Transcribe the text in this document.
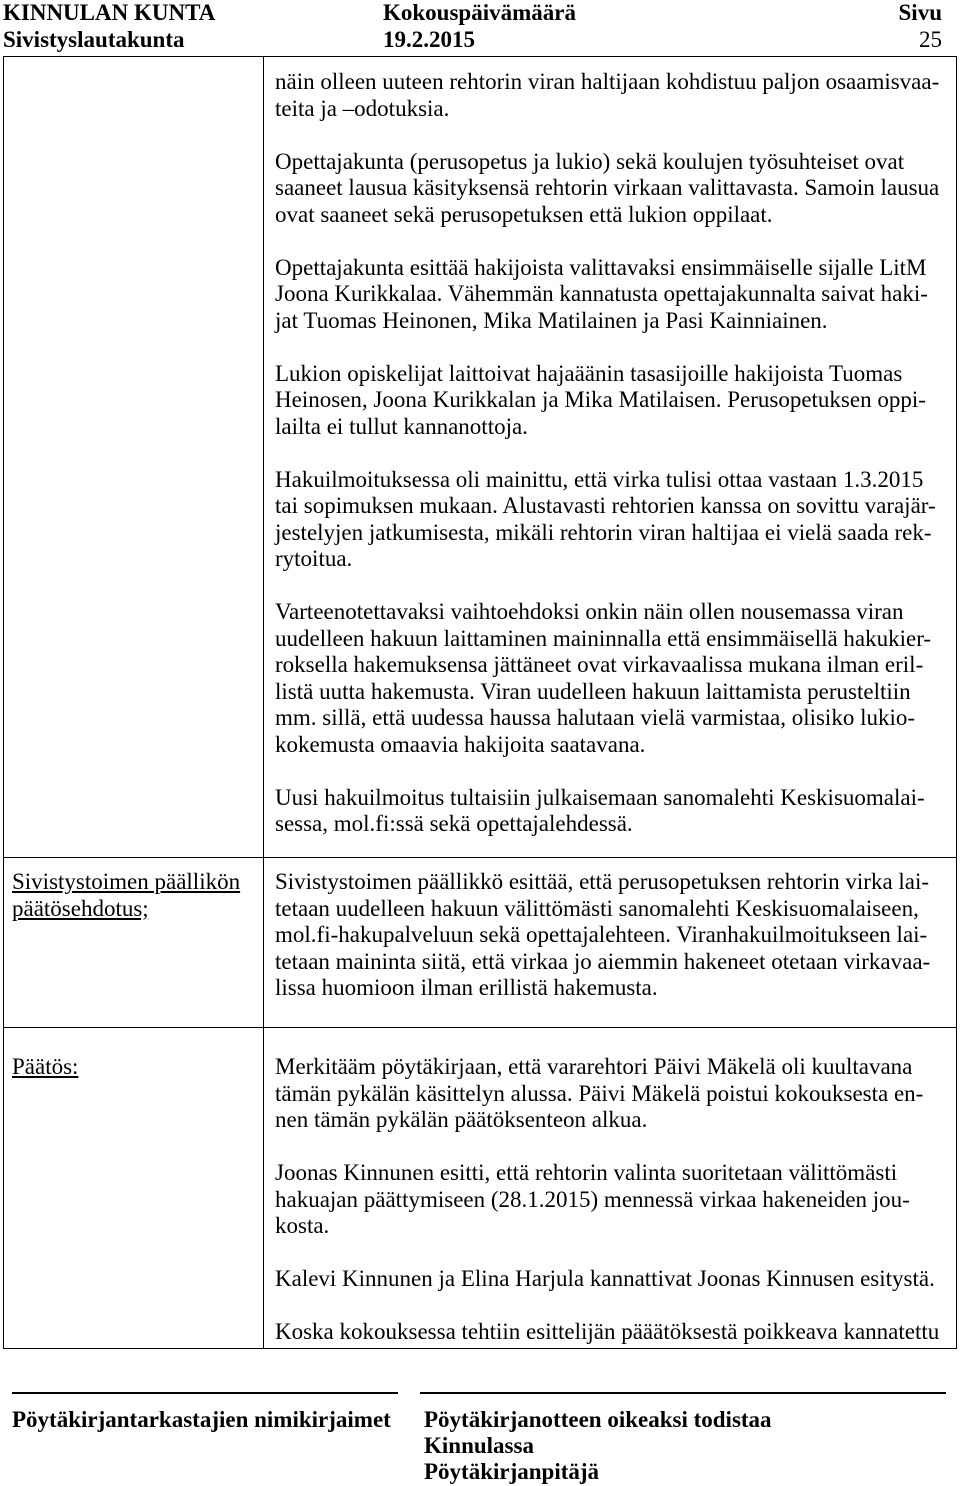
KINNULAN KUNTA
Sivistyslautakunta
Kokouspäivämäärä
19.2.2015
Sivu
25

näin olleen uuteen rehtorin viran haltijaan kohdistuu paljon osaamisvaa-
teita ja –odotuksia.

Opettajakunta (perusopetus ja lukio) sekä koulujen työsuhteiset ovat
saaneet lausua käsityksensä rehtorin virkaan valittavasta. Samoin lausua
ovat saaneet sekä perusopetuksen että lukion oppilaat.

Opettajakunta esittää hakijoista valittavaksi ensimmäiselle sijalle LitM
Joona Kurikkalaa. Vähemmän kannatusta opettajakunnalta saivat haki-
jat Tuomas Heinonen, Mika Matilainen ja Pasi Kainniainen.

Lukion opiskelijat laittoivat hajaäänin tasasijoille hakijoista Tuomas
Heinosen, Joona Kurikkalan ja Mika Matilaisen. Perusopetuksen oppi-
lailta ei tullut kannanottoja.

Hakuilmoituksessa oli mainittu, että virka tulisi ottaa vastaan 1.3.2015
tai sopimuksen mukaan. Alustavasti rehtorien kanssa on sovittu varajär-
jestelyjen jatkumisesta, mikäli rehtorin viran haltijaa ei vielä saada rek-
rytoitua.

Varteenotettavaksi vaihtoehdoksi onkin näin ollen nousemassa viran
uudelleen hakuun laittaminen maininnalla että ensimmäisellä hakukier-
roksella hakemuksensa jättäneet ovat virkavaalissa mukana ilman eril-
listä uutta hakemusta. Viran uudelleen hakuun laittamista perusteltiin
mm. sillä, että uudessa haussa halutaan vielä varmistaa, olisiko lukio-
kokemusta omaavia hakijoita saatavana.

Uusi hakuilmoitus tultaisiin julkaisemaan sanomalehti Keskisuomalai-
sessa, mol.fi:ssä sekä opettajalehdessä.

Sivistystoimen päällikön
päätösehdotus;

Sivistystoimen päällikkö esittää, että perusopetuksen rehtorin virka lai-
tetaan uudelleen hakuun välittömästi sanomalehti Keskisuomalaiseen,
mol.fi-hakupalveluun sekä opettajalehteen. Viranhakuilmoitukseen lai-
tetaan maininta siitä, että virkaa jo aiemmin hakeneet otetaan virkavaa-
lissa huomioon ilman erillistä hakemusta.

Päätös:	Merkitääm pöytäkirjaan, että vararehtori Päivi Mäkelä oli kuultavana
tämän pykälän käsittelyn alussa. Päivi Mäkelä poistui kokouksesta en-
nen tämän pykälän päätöksenteon alkua.

Joonas Kinnunen esitti, että rehtorin valinta suoritetaan välittömästi
hakuajan päättymiseen (28.1.2015) mennessä virkaa hakeneiden jou-
kosta.

Kalevi Kinnunen ja Elina Harjula kannattivat Joonas Kinnusen esitystä.

Koska kokouksessa tehtiin esittelijän pääätöksestä poikkeava kannatettu

Pöytäkirjantarkastajien nimikirjaimet Pöytäkirjanotteen oikeaksi todistaa
Kinnulassa
Pöytäkirjanpitäjä
